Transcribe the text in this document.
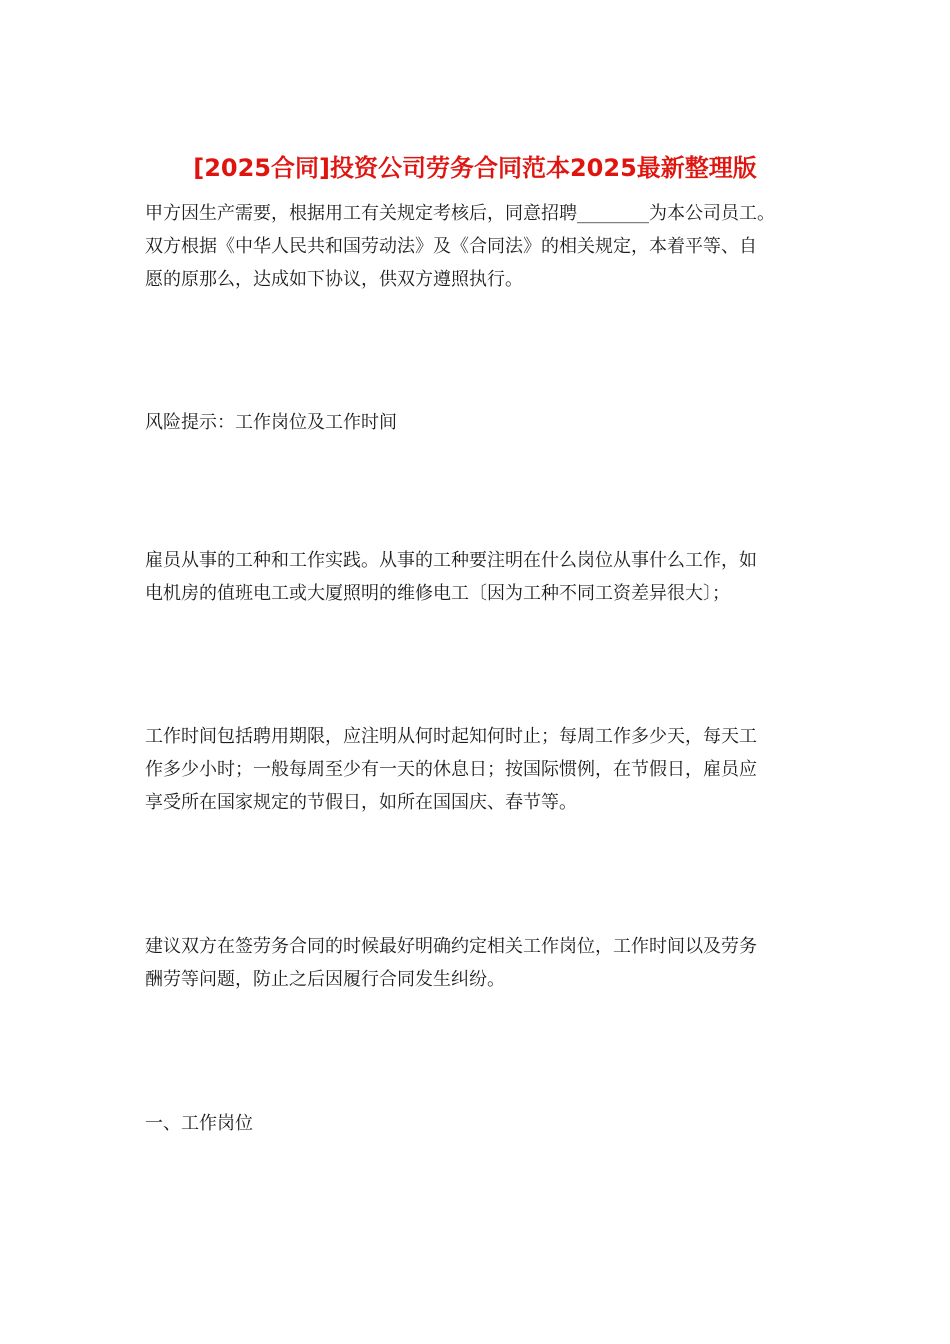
[2025合同]投资公司劳务合同范本2025最新整理版

甲方因生产需要，根据用工有关规定考核后，同意招聘________为本公司员工。
双方根据《中华人民共和国劳动法》及《合同法》的相关规定，本着平等、自
愿的原那么，达成如下协议，供双方遵照执行。

风险提示：工作岗位及工作时间

雇员从事的工种和工作实践。从事的工种要注明在什么岗位从事什么工作，如
电机房的值班电工或大厦照明的维修电工〔因为工种不同工资差异很大〕；

工作时间包括聘用期限，应注明从何时起知何时止；每周工作多少天，每天工
作多少小时；一般每周至少有一天的休息日；按国际惯例，在节假日，雇员应
享受所在国家规定的节假日，如所在国国庆、春节等。

建议双方在签劳务合同的时候最好明确约定相关工作岗位，工作时间以及劳务
酬劳等问题，防止之后因履行合同发生纠纷。

一、工作岗位
